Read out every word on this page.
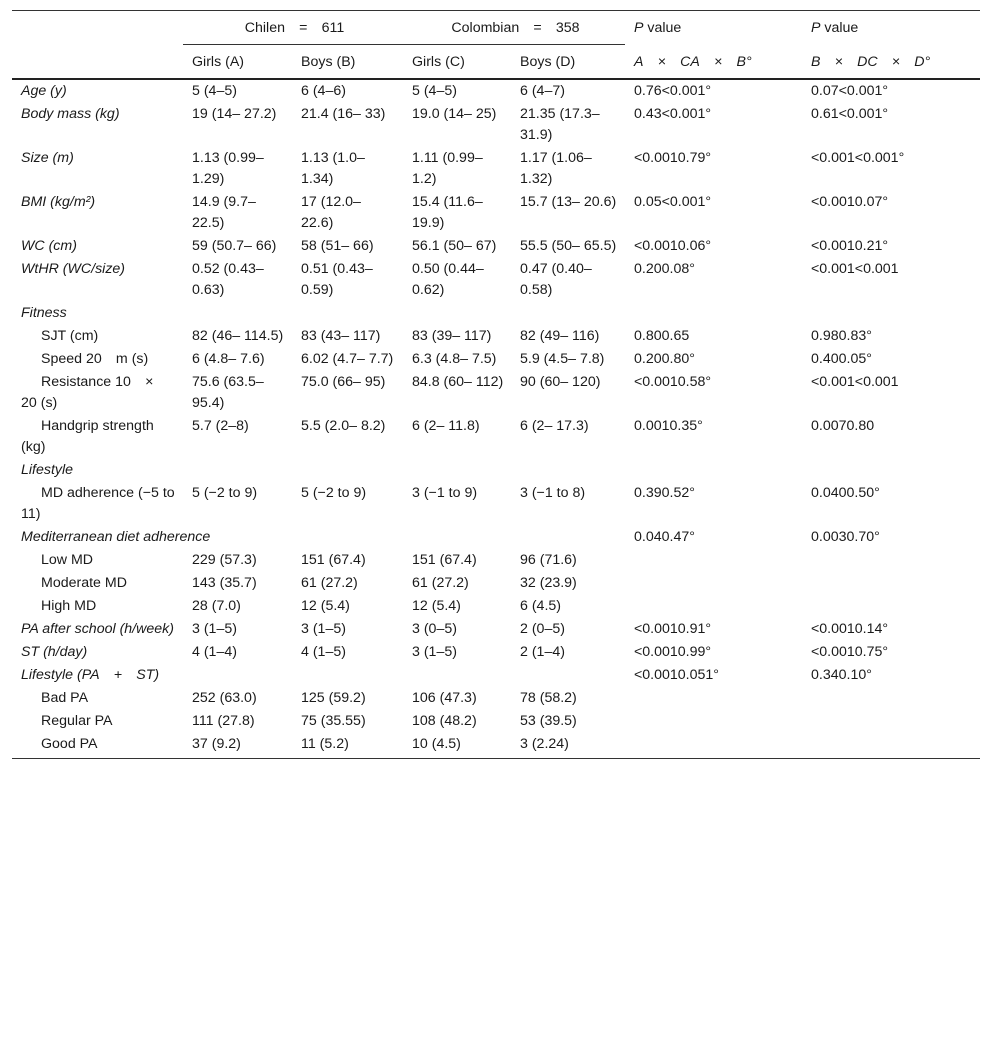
	Chilen = 611		Colombian = 358		P value	P value
	Girls (A)	Boys (B)	Girls (C)	Boys (D)	A × CA × B°	B × DC × D°
Age (y)	5 (4–5)	6 (4–6)	5 (4–5)	6 (4–7)	0.76<0.001°	0.07<0.001°
Body mass (kg)	19 (14– 27.2)	21.4 (16– 33)	19.0 (14– 25)	21.35 (17.3– 31.9)	0.43<0.001°	0.61<0.001°
Size (m)	1.13 (0.99– 1.29)	1.13 (1.0– 1.34)	1.11 (0.99– 1.2)	1.17 (1.06– 1.32)	<0.0010.79°	<0.001<0.001°
BMI (kg/m²)	14.9 (9.7– 22.5)	17 (12.0– 22.6)	15.4 (11.6– 19.9)	15.7 (13– 20.6)	0.05<0.001°	<0.0010.07°
WC (cm)	59 (50.7– 66)	58 (51– 66)	56.1 (50– 67)	55.5 (50– 65.5)	<0.0010.06°	<0.0010.21°
WtHR (WC/size)	0.52 (0.43– 0.63)	0.51 (0.43– 0.59)	0.50 (0.44– 0.62)	0.47 (0.40– 0.58)	0.200.08°	<0.001<0.001
Fitness						
SJT (cm)	82 (46– 114.5)	83 (43– 117)	83 (39– 117)	82 (49– 116)	0.800.65	0.980.83°
Speed 20 m (s)	6 (4.8– 7.6)	6.02 (4.7– 7.7)	6.3 (4.8– 7.5)	5.9 (4.5– 7.8)	0.200.80°	0.400.05°
Resistance 10 × 20 (s)	75.6 (63.5– 95.4)	75.0 (66– 95)	84.8 (60– 112)	90 (60– 120)	<0.0010.58°	<0.001<0.001
Handgrip strength (kg)	5.7 (2–8)	5.5 (2.0– 8.2)	6 (2– 11.8)	6 (2– 17.3)	0.0010.35°	0.0070.80
Lifestyle						
MD adherence (−5 to 11)	5 (−2 to 9)	5 (−2 to 9)	3 (−1 to 9)	3 (−1 to 8)	0.390.52°	0.0400.50°
Mediterranean diet adherence					0.040.47°	0.0030.70°
Low MD	229 (57.3)	151 (67.4)	151 (67.4)	96 (71.6)		
Moderate MD	143 (35.7)	61 (27.2)	61 (27.2)	32 (23.9)		
High MD	28 (7.0)	12 (5.4)	12 (5.4)	6 (4.5)		
PA after school (h/week)	3 (1–5)	3 (1–5)	3 (0–5)	2 (0–5)	<0.0010.91°	<0.0010.14°
ST (h/day)	4 (1–4)	4 (1–5)	3 (1–5)	2 (1–4)	<0.0010.99°	<0.0010.75°
Lifestyle (PA + ST)					<0.0010.051°	0.340.10°
Bad PA	252 (63.0)	125 (59.2)	106 (47.3)	78 (58.2)		
Regular PA	111 (27.8)	75 (35.55)	108 (48.2)	53 (39.5)		
Good PA	37 (9.2)	11 (5.2)	10 (4.5)	3 (2.24)		
